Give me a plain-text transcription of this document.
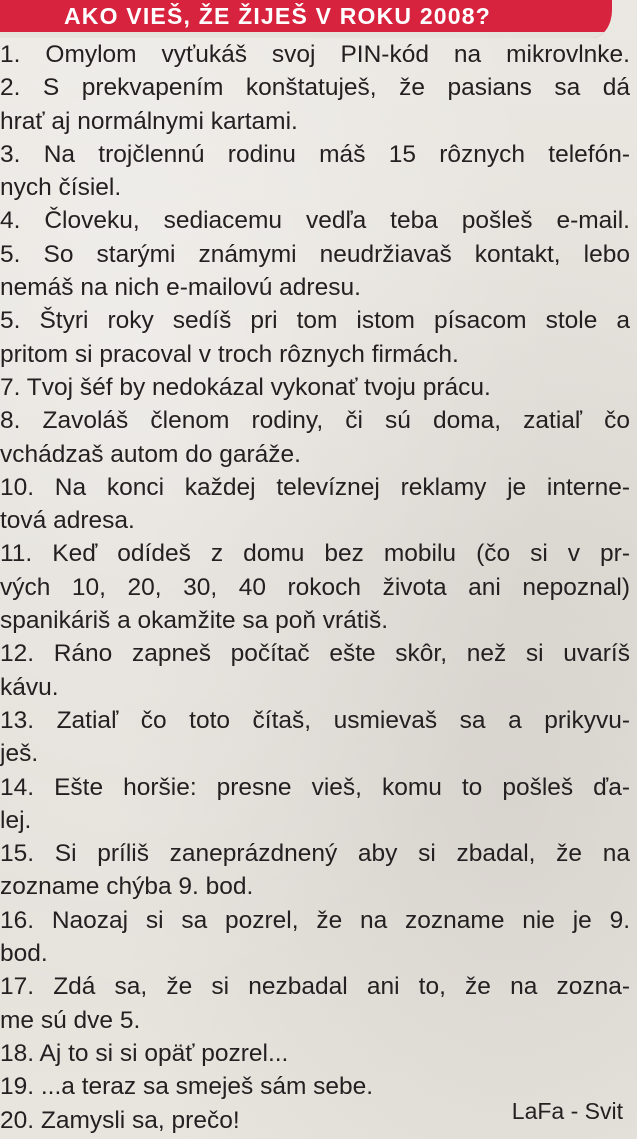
AKO VIEŠ, ŽE ŽIJEŠ V ROKU 2008?
1. Omylom vyťukáš svoj PIN-kód na mikrovlnke.
2. S prekvapením konštatuješ, že pasians sa dá
hrať aj normálnymi kartami.
3. Na trojčlennú rodinu máš 15 rôznych telefón-
nych čísiel.
4. Človeku, sediacemu vedľa teba pošleš e-mail.
5. So starými známymi neudržiavaš kontakt, lebo
nemáš na nich e-mailovú adresu.
5. Štyri roky sedíš pri tom istom písacom stole a
pritom si pracoval v troch rôznych firmách.
7. Tvoj šéf by nedokázal vykonať tvoju prácu.
8. Zavoláš členom rodiny, či sú doma, zatiaľ čo
vchádzaš autom do garáže.
10. Na konci každej televíznej reklamy je interne-
tová adresa.
11. Keď odídeš z domu bez mobilu (čo si v pr-
vých 10, 20, 30, 40 rokoch života ani nepoznal)
spanikáriš a okamžite sa poň vrátiš.
12. Ráno zapneš počítač ešte skôr, než si uvaríš
kávu.
13. Zatiaľ čo toto čítaš, usmievaš sa a prikyvu-
ješ.
14. Ešte horšie: presne vieš, komu to pošleš ďa-
lej.
15. Si príliš zaneprázdnený aby si zbadal, že na
zozname chýba 9. bod.
16. Naozaj si sa pozrel, že na zozname nie je 9.
bod.
17. Zdá sa, že si nezbadal ani to, že na zozna-
me sú dve 5.
18. Aj to si si opäť pozrel...
19. ...a teraz sa smeješ sám sebe.
20. Zamysli sa, prečo!	LaFa - Svit
